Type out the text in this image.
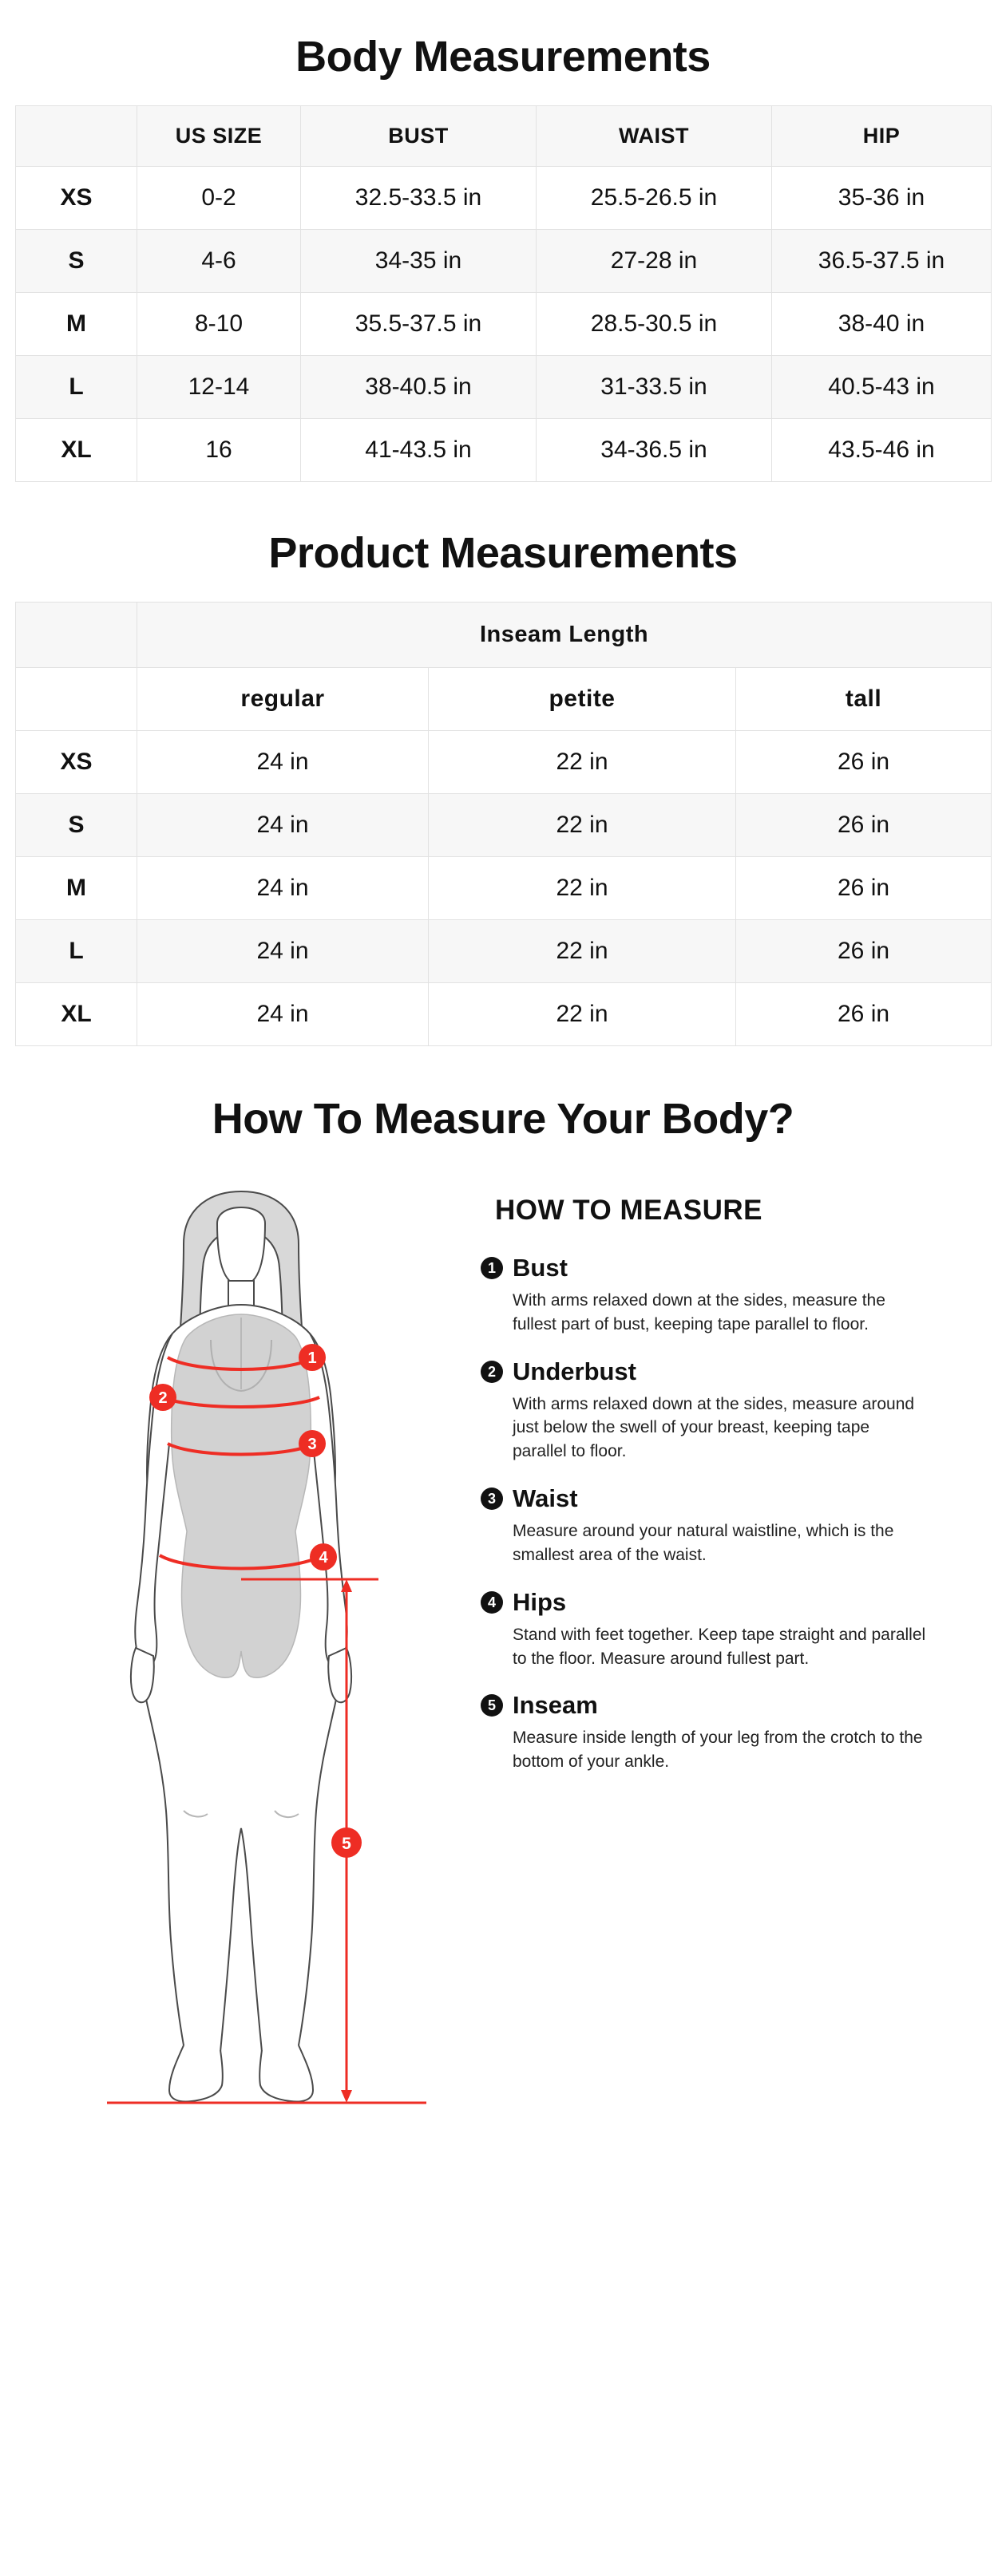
Body Measurements
	US SIZE	BUST	WAIST	HIP
XS	0-2	32.5-33.5 in	25.5-26.5 in	35-36 in
S	4-6	34-35 in	27-28 in	36.5-37.5 in
M	8-10	35.5-37.5 in	28.5-30.5 in	38-40 in
L	12-14	38-40.5 in	31-33.5 in	40.5-43 in
XL	16	41-43.5 in	34-36.5 in	43.5-46 in
Product Measurements
	Inseam Length		
	regular	petite	tall
XS	24 in	22 in	26 in
S	24 in	22 in	26 in
M	24 in	22 in	26 in
L	24 in	22 in	26 in
XL	24 in	22 in	26 in
How To Measure Your Body?
1
2
3
4
5
HOW TO MEASURE
1 Bust
With arms relaxed down at the sides, measure the fullest part of bust, keeping tape parallel to floor.
2 Underbust
With arms relaxed down at the sides, measure around just below the swell of your breast, keeping tape parallel to floor.
3 Waist
Measure around your natural waistline, which is the smallest area of the waist.
4 Hips
Stand with feet together. Keep tape straight and parallel to the floor. Measure around fullest part.
5 Inseam
Measure inside length of your leg from the crotch to the bottom of your ankle.
